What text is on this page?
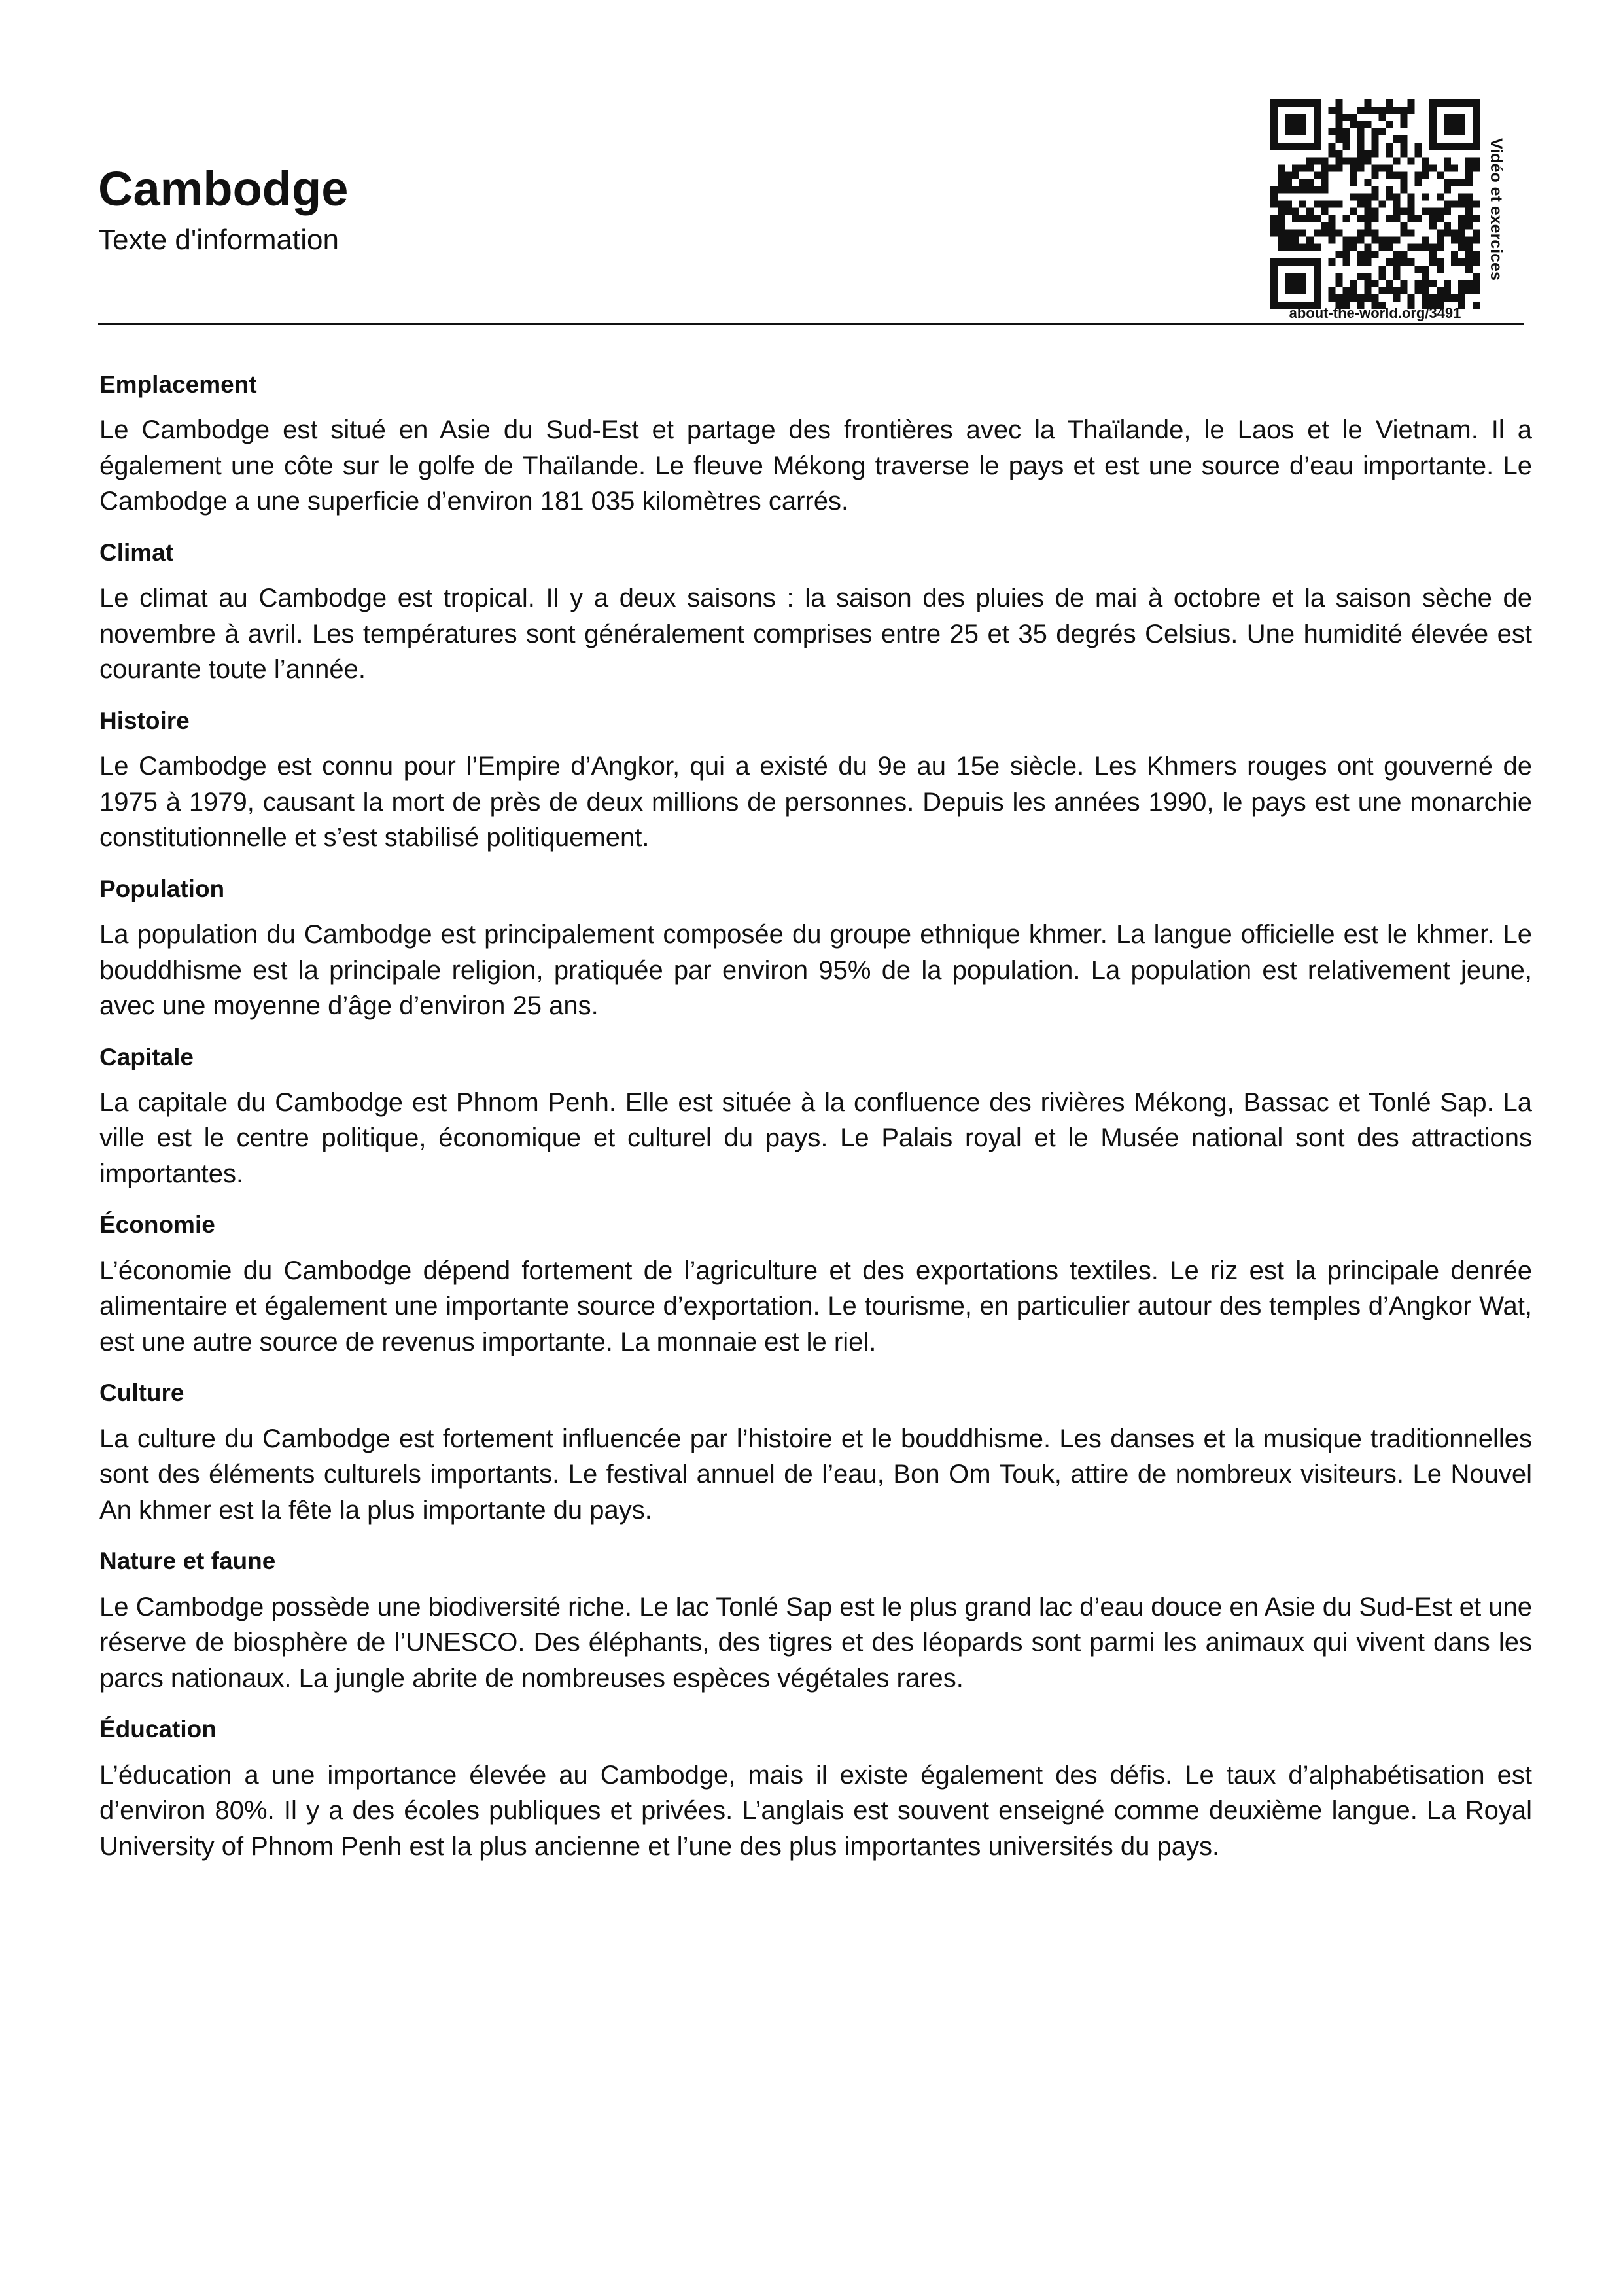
Cambodge
Texte d'information
about-the-world.org/3491
Vidéo et exercices
Emplacement

Le Cambodge est situé en Asie du Sud-Est et partage des frontières avec la Thaïlande, le Laos et le Vietnam. Il a également une côte sur le golfe de Thaïlande. Le fleuve Mékong traverse le pays et est une source d’eau importante. Le Cambodge a une superficie d’environ 181 035 kilomètres carrés.

Climat

Le climat au Cambodge est tropical. Il y a deux saisons : la saison des pluies de mai à octobre et la saison sèche de novembre à avril. Les températures sont généralement comprises entre 25 et 35 degrés Celsius. Une humidité élevée est courante toute l’année.

Histoire

Le Cambodge est connu pour l’Empire d’Angkor, qui a existé du 9e au 15e siècle. Les Khmers rouges ont gouverné de 1975 à 1979, causant la mort de près de deux millions de personnes. Depuis les années 1990, le pays est une monarchie constitutionnelle et s’est stabilisé politiquement.

Population

La population du Cambodge est principalement composée du groupe ethnique khmer. La langue officielle est le khmer. Le bouddhisme est la principale religion, pratiquée par environ 95% de la population. La population est relativement jeune, avec une moyenne d’âge d’environ 25 ans.

Capitale

La capitale du Cambodge est Phnom Penh. Elle est située à la confluence des rivières Mékong, Bassac et Tonlé Sap. La ville est le centre politique, économique et culturel du pays. Le Palais royal et le Musée national sont des attractions importantes.

Économie

L’économie du Cambodge dépend fortement de l’agriculture et des exportations textiles. Le riz est la principale denrée alimentaire et également une importante source d’exportation. Le tourisme, en particulier autour des temples d’Angkor Wat, est une autre source de revenus importante. La monnaie est le riel.

Culture

La culture du Cambodge est fortement influencée par l’histoire et le bouddhisme. Les danses et la musique traditionnelles sont des éléments culturels importants. Le festival annuel de l’eau, Bon Om Touk, attire de nombreux visiteurs. Le Nouvel An khmer est la fête la plus importante du pays.

Nature et faune

Le Cambodge possède une biodiversité riche. Le lac Tonlé Sap est le plus grand lac d’eau douce en Asie du Sud-Est et une réserve de biosphère de l’UNESCO. Des éléphants, des tigres et des léopards sont parmi les animaux qui vivent dans les parcs nationaux. La jungle abrite de nombreuses espèces végétales rares.

Éducation

L’éducation a une importance élevée au Cambodge, mais il existe également des défis. Le taux d’alphabétisation est d’environ 80%. Il y a des écoles publiques et privées. L’anglais est souvent enseigné comme deuxième langue. La Royal University of Phnom Penh est la plus ancienne et l’une des plus importantes universités du pays.
